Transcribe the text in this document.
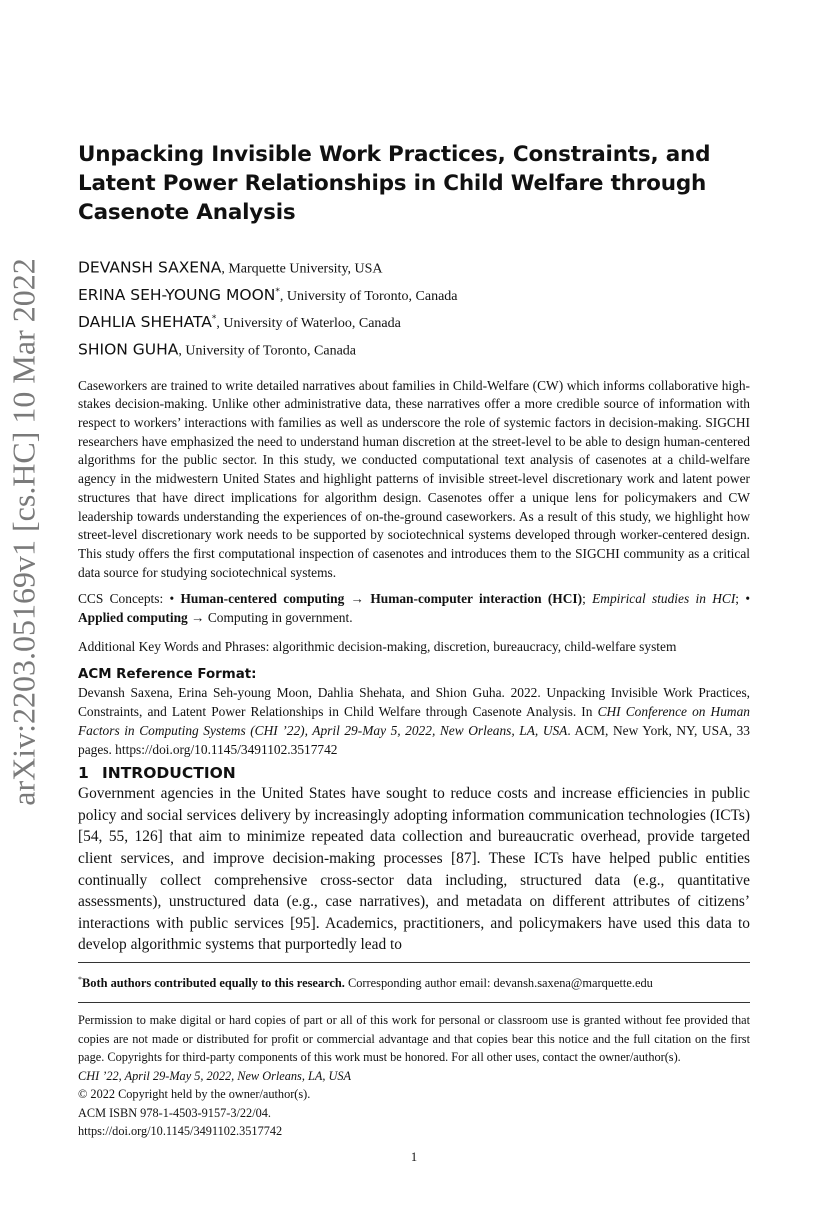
arXiv:2203.05169v1 [cs.HC] 10 Mar 2022
Unpacking Invisible Work Practices, Constraints, and Latent Power Relationships in Child Welfare through Casenote Analysis
DEVANSH SAXENA, Marquette University, USA
ERINA SEH-YOUNG MOON*, University of Toronto, Canada
DAHLIA SHEHATA*, University of Waterloo, Canada
SHION GUHA, University of Toronto, Canada

Caseworkers are trained to write detailed narratives about families in Child-Welfare (CW) which informs collaborative high-stakes decision-making. Unlike other administrative data, these narratives offer a more credible source of information with respect to workers’ interactions with families as well as underscore the role of systemic factors in decision-making. SIGCHI researchers have emphasized the need to understand human discretion at the street-level to be able to design human-centered algorithms for the public sector. In this study, we conducted computational text analysis of casenotes at a child-welfare agency in the midwestern United States and highlight patterns of invisible street-level discretionary work and latent power structures that have direct implications for algorithm design. Casenotes offer a unique lens for policymakers and CW leadership towards understanding the experiences of on-the-ground caseworkers. As a result of this study, we highlight how street-level discretionary work needs to be supported by sociotechnical systems developed through worker-centered design. This study offers the first computational inspection of casenotes and introduces them to the SIGCHI community as a critical data source for studying sociotechnical systems.

CCS Concepts: • Human-centered computing → Human-computer interaction (HCI); Empirical studies in HCI; • Applied computing → Computing in government.

Additional Key Words and Phrases: algorithmic decision-making, discretion, bureaucracy, child-welfare system

ACM Reference Format:

Devansh Saxena, Erina Seh-young Moon, Dahlia Shehata, and Shion Guha. 2022. Unpacking Invisible Work Practices, Constraints, and Latent Power Relationships in Child Welfare through Casenote Analysis. In CHI Conference on Human Factors in Computing Systems (CHI ’22), April 29-May 5, 2022, New Orleans, LA, USA. ACM, New York, NY, USA, 33 pages. https://doi.org/10.1145/3491102.3517742

1 INTRODUCTION

Government agencies in the United States have sought to reduce costs and increase efficiencies in public policy and social services delivery by increasingly adopting information communication technologies (ICTs) [54, 55, 126] that aim to minimize repeated data collection and bureaucratic overhead, provide targeted client services, and improve decision-making processes [87]. These ICTs have helped public entities continually collect comprehensive cross-sector data including, structured data (e.g., quantitative assessments), unstructured data (e.g., case narratives), and metadata on different attributes of citizens’ interactions with public services [95]. Academics, practitioners, and policymakers have used this data to develop algorithmic systems that purportedly lead to

*Both authors contributed equally to this research. Corresponding author email: devansh.saxena@marquette.edu

Permission to make digital or hard copies of part or all of this work for personal or classroom use is granted without fee provided that copies are not made or distributed for profit or commercial advantage and that copies bear this notice and the full citation on the first page. Copyrights for third-party components of this work must be honored. For all other uses, contact the owner/author(s).

CHI ’22, April 29-May 5, 2022, New Orleans, LA, USA

© 2022 Copyright held by the owner/author(s).

ACM ISBN 978-1-4503-9157-3/22/04.

https://doi.org/10.1145/3491102.3517742

1
